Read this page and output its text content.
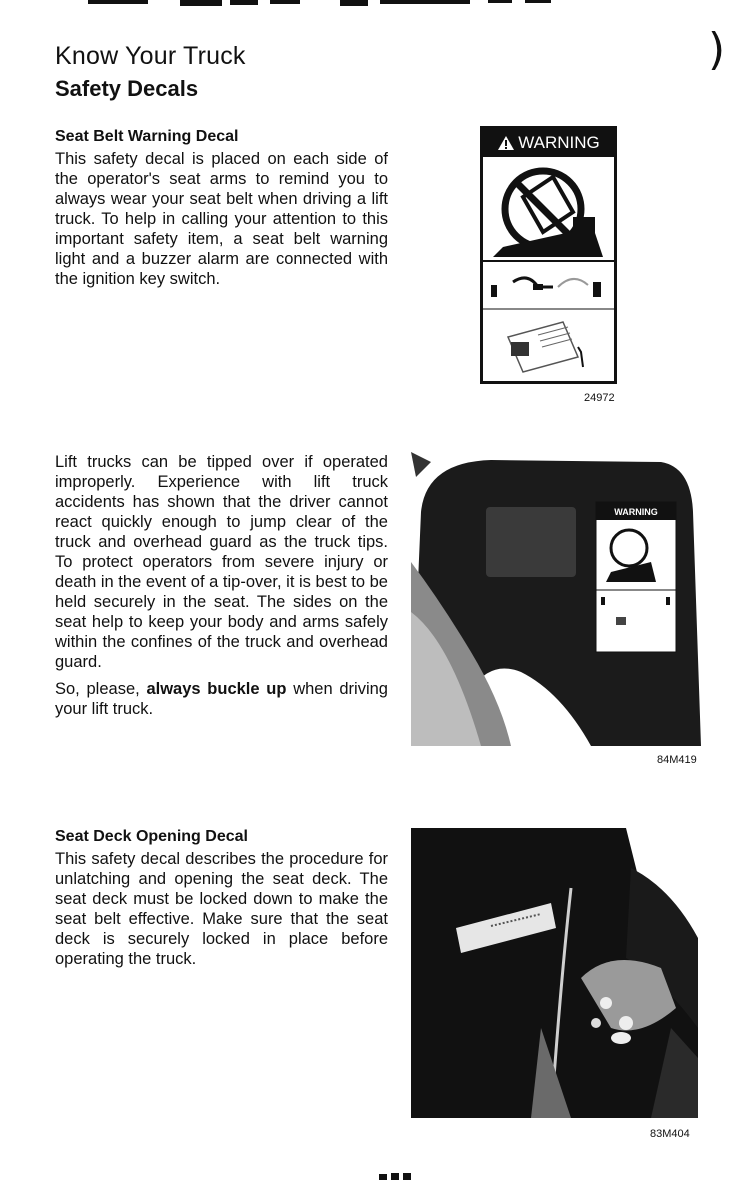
)
Know Your Truck
Safety Decals
Seat Belt Warning Decal

This safety decal is placed on each side of the operator's seat arms to remind you to always wear your seat belt when driving a lift truck. To help in calling your attention to this important safety item, a seat belt warning light and a buzzer alarm are connected with the ignition key switch.

WARNING
24972

Lift trucks can be tipped over if operated improperly. Experience with lift truck accidents has shown that the driver cannot react quickly enough to jump clear of the truck and overhead guard as the truck tips. To protect operators from severe injury or death in the event of a tip-over, it is best to be held securely in the seat. The sides on the seat help to keep your body and arms safely within the confines of the truck and overhead guard.

So, please, always buckle up when driving your lift truck.

WARNING
84M419
Seat Deck Opening Decal

This safety decal describes the procedure for unlatching and opening the seat deck. The seat deck must be locked down to make the seat belt effective. Make sure that the seat deck is securely locked in place before operating the truck.

83M404
